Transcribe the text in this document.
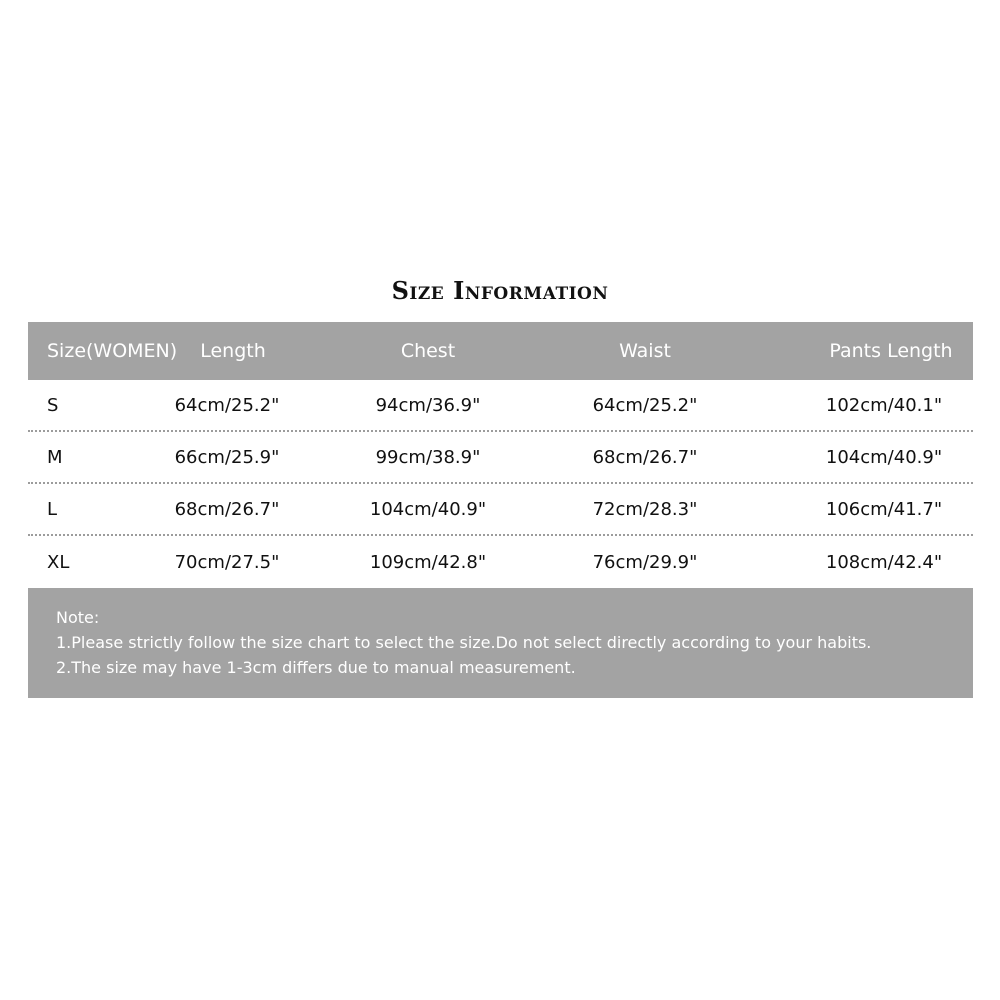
Size Information
Size(WOMEN)	Length	Chest	Waist	Pants Length
S	64cm/25.2"	94cm/36.9"	64cm/25.2"	102cm/40.1"
M	66cm/25.9"	99cm/38.9"	68cm/26.7"	104cm/40.9"
L	68cm/26.7"	104cm/40.9"	72cm/28.3"	106cm/41.7"
XL	70cm/27.5"	109cm/42.8"	76cm/29.9"	108cm/42.4"
Note:
1.Please strictly follow the size chart to select the size.Do not select directly according to your habits.
2.The size may have 1-3cm differs due to manual measurement.
